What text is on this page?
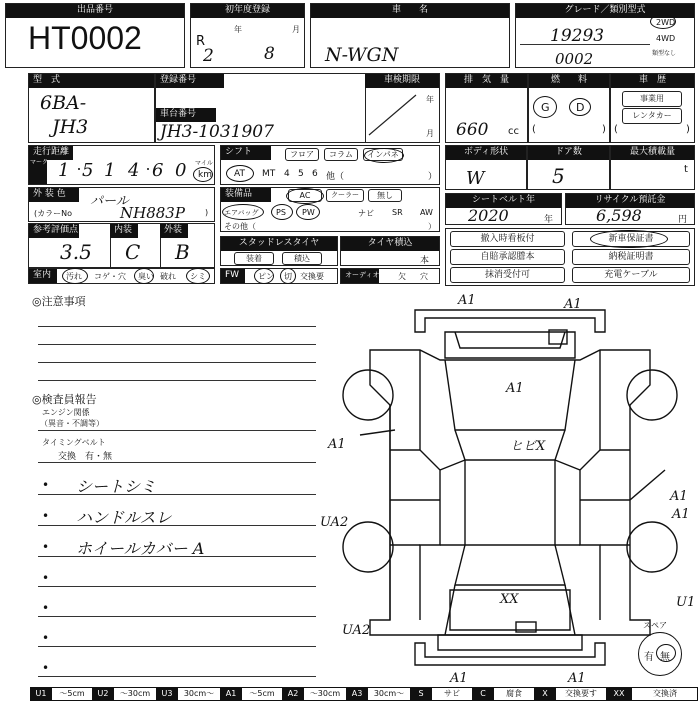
出品番号
HT0002
初年度登録
R
年	月
2	8
車　　名
N-WGN
グレード／類別型式
19293
0002
2WD
4WD
類型なし
型　式
6BA-
JH3
登録番号
車台番号
JH3-1031907
車検期限
年
月
排　気　量
660 cc
燃　　料
G D
(	)
車　歴
事業用
レンタカー
(	)
走行距離
マーク 1 5 1 4 6 0 マイル
km
シフト	フロア	コラム	インパネ
AT MT 4 5 6 他（	）
ボディ形状
W
ドア数
5
最大積載量
t
外 装 色	パール
(カラーNo	NH883P	)
装備品	AC	クーラー	無し
エアバッグ PS PW	ナビ SR AW
その他（	）
シートベルト年
2020	年
リサイクル預託金
6,598	円
参考評価点	内装	外装
3.5 C B	スタッドレスタイヤ
装着	積込
タイヤ積込
本
室内	汚れ コゲ・穴 臭い 破れ シミ	FW	ピン 切 交換要	オーディオ 欠 穴
撤入時看板付	新車保証書
自賠承認謄本	納税証明書
抹消受付可	充電ケーブル
◎注意事項
◎検査員報告
エンジン関係
（異音・不調等）
タイミングベルト
交換　有・無
• シートシミ
• ハンドルスレ
• ホイールカバー A
•
•
•
•
A1	A1
A1
ヒビX
A1
A1
A1
UA2
U1
XX
UA2
A1	A1
スペア
有 無
U1	～5cm	U2	～30cm	U3	30cm～	A1	～5cm	A2	～30cm	A3	30cm～	S	サビ	C	腐食	X	交換要す	XX	交換済
